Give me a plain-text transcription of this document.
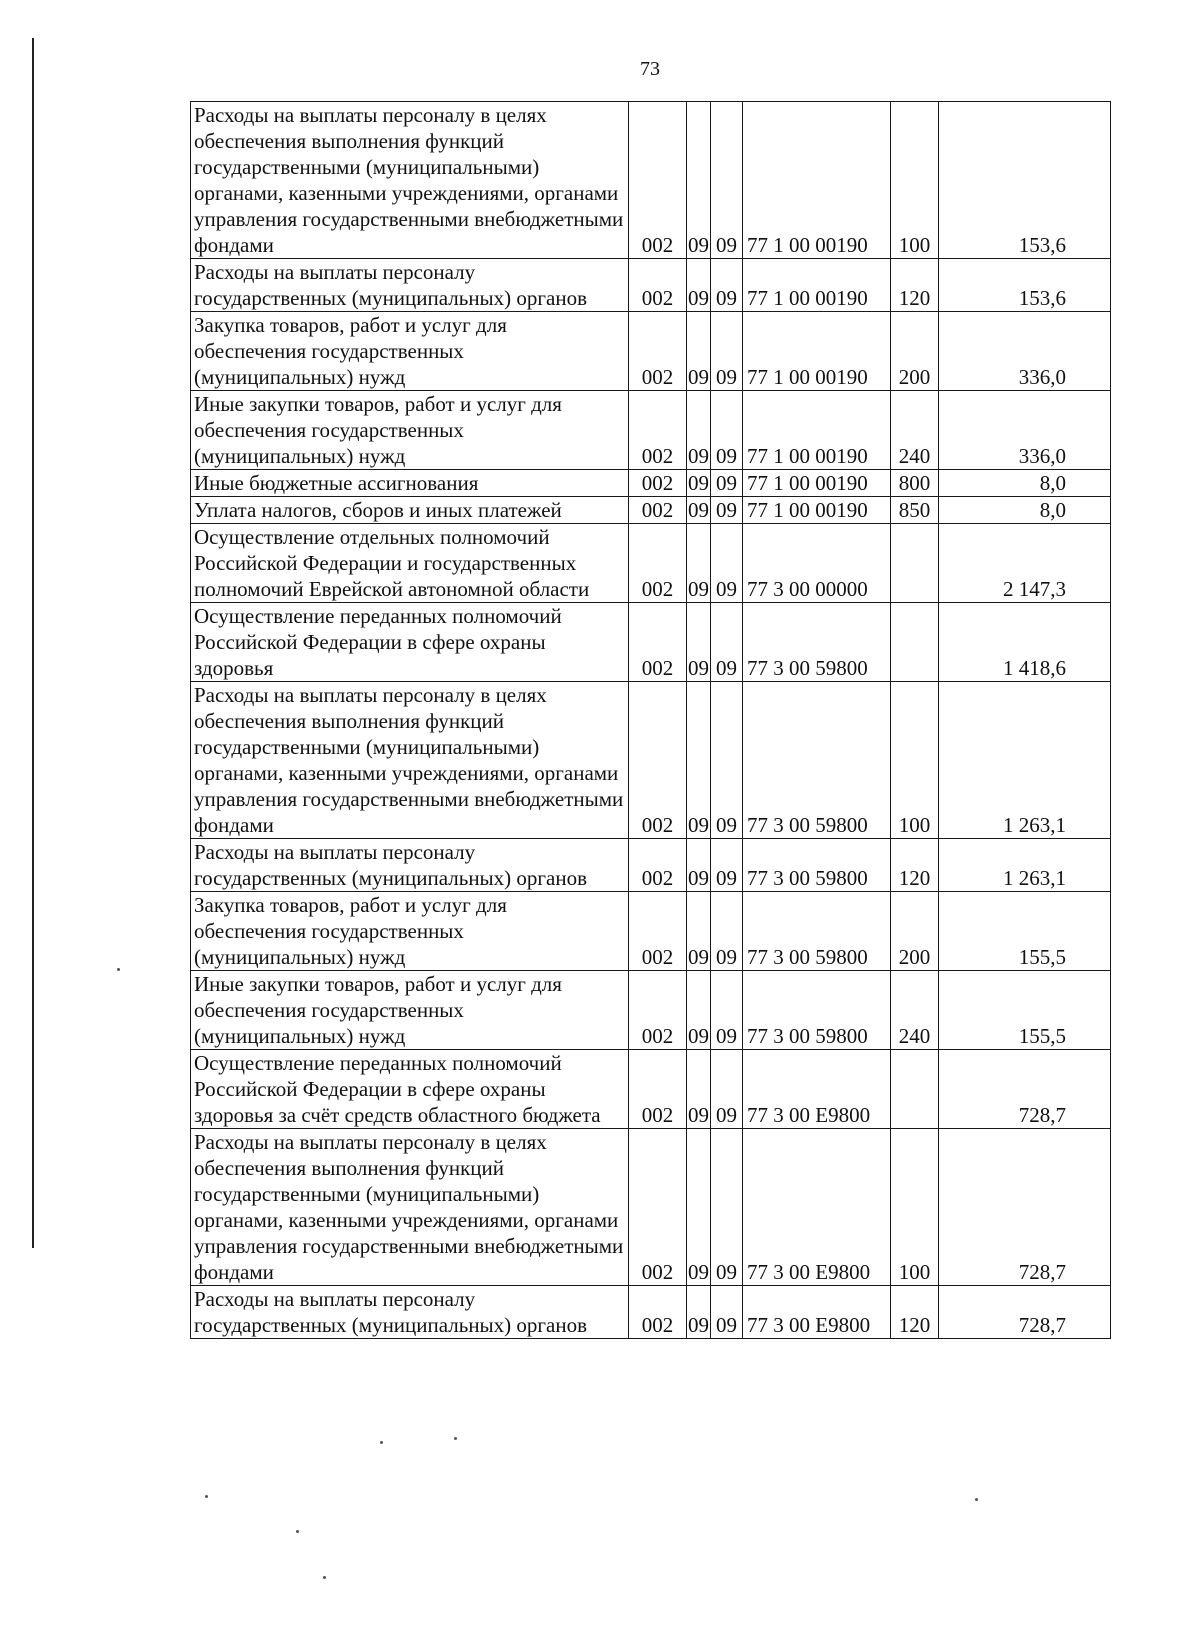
73
Расходы на выплаты персоналу в целях обеспечения выполнения функций государственными (муниципальными) органами, казенными учреждениями, органами управления государственными внебюджетными фондами	002	09	09	77 1 00 00190	100	153,6
Расходы на выплаты персоналу государственных (муниципальных) органов	002	09	09	77 1 00 00190	120	153,6
Закупка товаров, работ и услуг для обеспечения государственных (муниципальных) нужд	002	09	09	77 1 00 00190	200	336,0
Иные закупки товаров, работ и услуг для обеспечения государственных (муниципальных) нужд	002	09	09	77 1 00 00190	240	336,0
Иные бюджетные ассигнования	002	09	09	77 1 00 00190	800	8,0
Уплата налогов, сборов и иных платежей	002	09	09	77 1 00 00190	850	8,0
Осуществление отдельных полномочий Российской Федерации и государственных полномочий Еврейской автономной области	002	09	09	77 3 00 00000		2 147,3
Осуществление переданных полномочий Российской Федерации в сфере охраны здоровья	002	09	09	77 3 00 59800		1 418,6
Расходы на выплаты персоналу в целях обеспечения выполнения функций государственными (муниципальными) органами, казенными учреждениями, органами управления государственными внебюджетными фондами	002	09	09	77 3 00 59800	100	1 263,1
Расходы на выплаты персоналу государственных (муниципальных) органов	002	09	09	77 3 00 59800	120	1 263,1
Закупка товаров, работ и услуг для обеспечения государственных (муниципальных) нужд	002	09	09	77 3 00 59800	200	155,5
Иные закупки товаров, работ и услуг для обеспечения государственных (муниципальных) нужд	002	09	09	77 3 00 59800	240	155,5
Осуществление переданных полномочий Российской Федерации в сфере охраны здоровья за счёт средств областного бюджета	002	09	09	77 3 00 Е9800		728,7
Расходы на выплаты персоналу в целях обеспечения выполнения функций государственными (муниципальными) органами, казенными учреждениями, органами управления государственными внебюджетными фондами	002	09	09	77 3 00 Е9800	100	728,7
Расходы на выплаты персоналу государственных (муниципальных) органов	002	09	09	77 3 00 Е9800	120	728,7
